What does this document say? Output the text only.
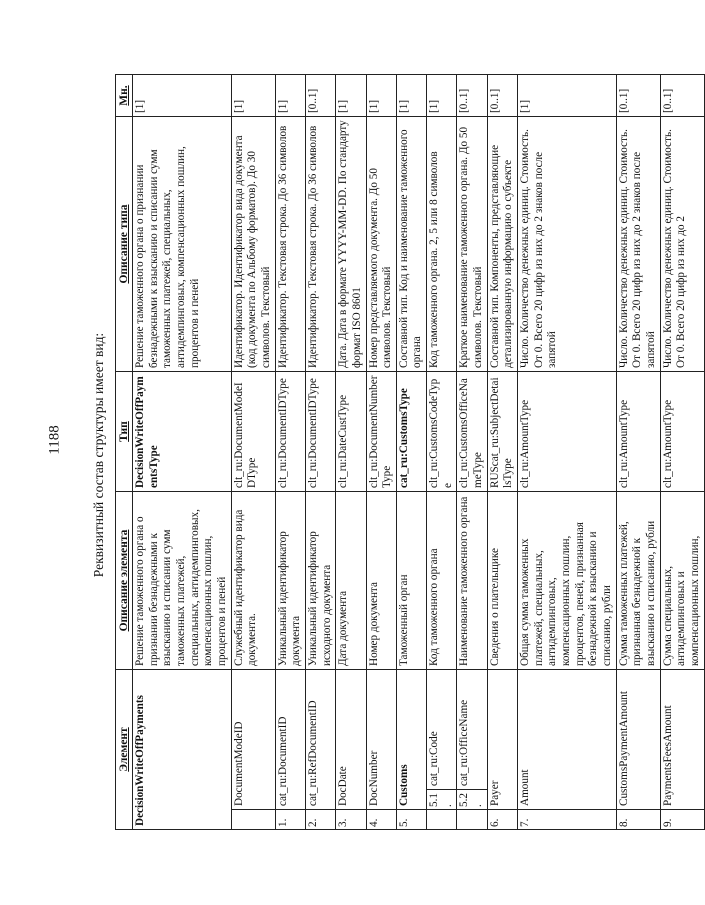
1188 Реквизитный состав структуры имеет вид:
Элемент			Описание элемента	Тип	Описание типа	Мн.
DecisionWriteOffPayments			Решение таможенного органа о признании безнадежными к взысканию и списании сумм таможенных платежей, специальных, антидемпинговых, компенсационных пошлин, процентов и пеней	DecisionWriteOffPaymentsType	Решение таможенного органа о признании безнадежными к взысканию и списании сумм таможенных платежей, специальных, антидемпинговых, компенсационных пошлин, процентов и пеней	[1]
	DocumentModeID		Служебный идентификатор вида документа.	clt_ru:DocumentModeIDType	Идентификатор. Идентификатор вида документа (код документа по Альбому форматов). До 30 символов. Текстовый	[1]
1.	cat_ru:DocumentID		Уникальный идентификатор документа	clt_ru:DocumentIDType	Идентификатор. Текстовая строка. До 36 символов	[1]
2.	cat_ru:RefDocumentID		Уникальный идентификатор исходного документа	clt_ru:DocumentIDType	Идентификатор. Текстовая строка. До 36 символов	[0..1]
3.	DocDate		Дата документа	clt_ru:DateCustType	Дата. Дата в формате YYYY-MM-DD. По стандарту формат ISO 8601	[1]
4.	DocNumber		Номер документа	clt_ru:DocumentNumberType	Номер представляемого документа. До 50 символов. Текстовый	[1]
5.	Customs		Таможенный орган	cat_ru:CustomsType	Составной тип. Код и наименование таможенного органа	[1]
	5.1.	cat_ru:Code	Код таможенного органа	clt_ru:CustomsCodeType	Код таможенного органа. 2, 5 или 8 символов	[1]
	5.2.	cat_ru:OfficeName	Наименование таможенного органа	clt_ru:CustomsOfficeNameType	Краткое наименование таможенного органа. До 50 символов. Текстовый	[0..1]
6.	Payer		Сведения о плательщике	RUScat_ru:SubjectDetailsType	Составной тип. Компоненты, представляющие детализированную информацию о субъекте	[0..1]
7.	Amount		Общая сумма таможенных платежей, специальных, антидемпинговых, компенсационных пошлин, процентов, пеней, признанная безнадежной к взысканию и списанию, рубли	clt_ru:AmountType	Число. Количество денежных единиц. Стоимость. От 0. Всего 20 цифр из них до 2 знаков после запятой	[1]
8.	CustomsPaymentAmount		Сумма таможенных платежей, признанная безнадежной к взысканию и списанию, рубли	clt_ru:AmountType	Число. Количество денежных единиц. Стоимость. От 0. Всего 20 цифр из них до 2 знаков после запятой	[0..1]
9.	PaymentsFeesAmount		Сумма специальных, антидемпинговых и компенсационных пошлин,	clt_ru:AmountType	Число. Количество денежных единиц. Стоимость. От 0. Всего 20 цифр из них до 2	[0..1]
